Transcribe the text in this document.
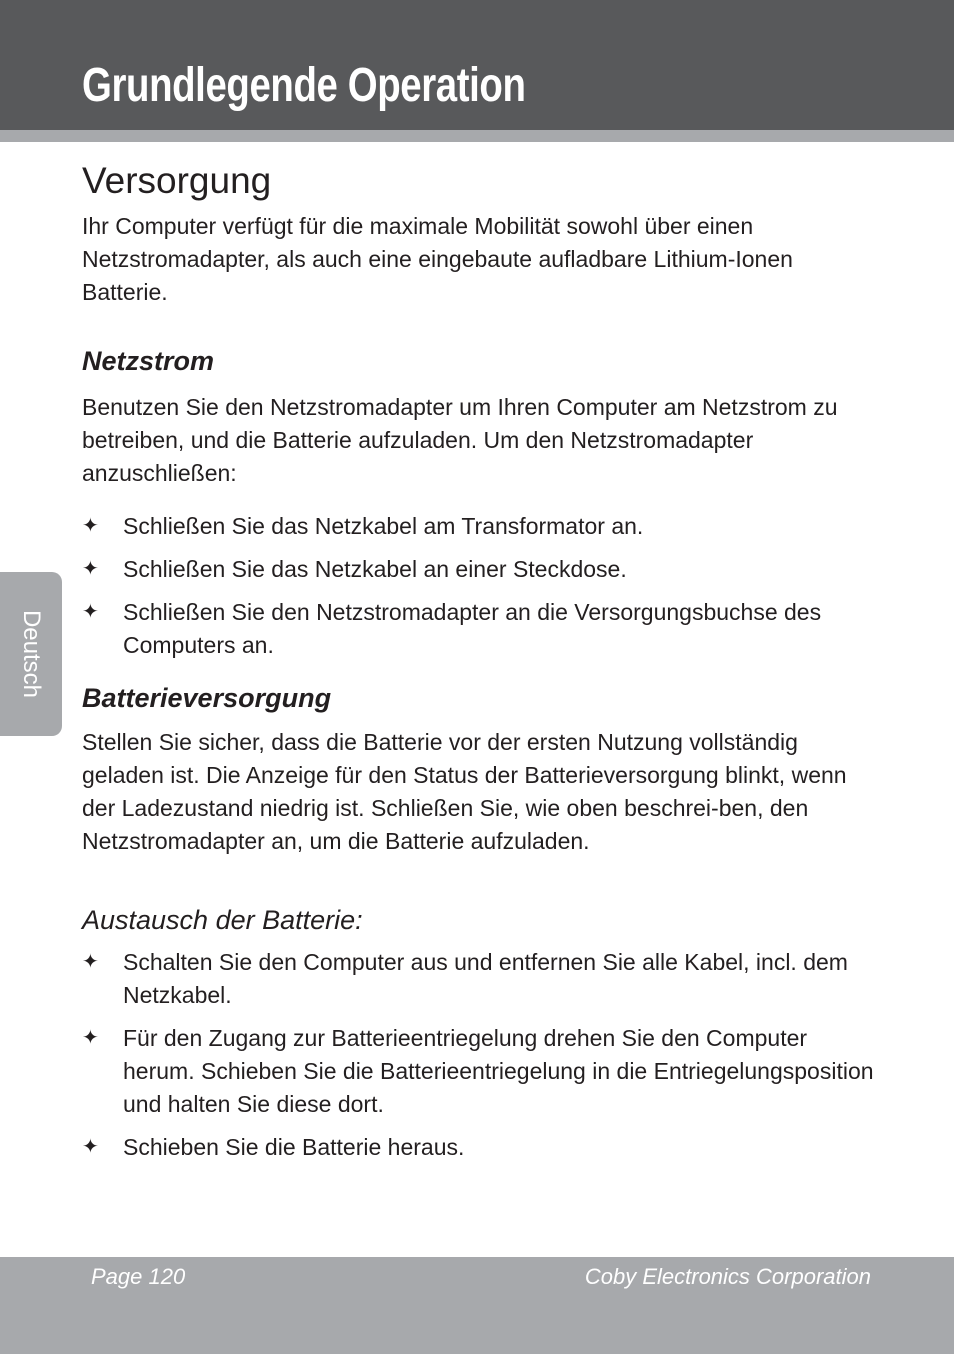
Grundlegende Operation
Deutsch
Versorgung

Ihr Computer verfügt für die maximale Mobilität sowohl über einen Netzstromadapter, als auch eine eingebaute aufladbare Lithium-Ionen Batterie.

Netzstrom

Benutzen Sie den Netzstromadapter um Ihren Computer am Netzstrom zu betreiben, und die Batterie aufzuladen. Um den Netzstromadapter anzuschließen:

✦ Schließen Sie das Netzkabel am Transformator an.
✦ Schließen Sie das Netzkabel an einer Steckdose.
✦ Schließen Sie den Netzstromadapter an die Versorgungsbuchse des Computers an.
Batterieversorgung

Stellen Sie sicher, dass die Batterie vor der ersten Nutzung vollständig geladen ist. Die Anzeige für den Status der Batterieversorgung blinkt, wenn der Ladezustand niedrig ist. Schließen Sie, wie oben beschrei-ben, den Netzstromadapter an, um die Batterie aufzuladen.

Austausch der Batterie:
✦ Schalten Sie den Computer aus und entfernen Sie alle Kabel, incl. dem Netzkabel.
✦ Für den Zugang zur Batterieentriegelung drehen Sie den Computer herum. Schieben Sie die Batterieentriegelung in die Entriegelungsposition und halten Sie diese dort.
✦ Schieben Sie die Batterie heraus.
Page 120	Coby Electronics Corporation
